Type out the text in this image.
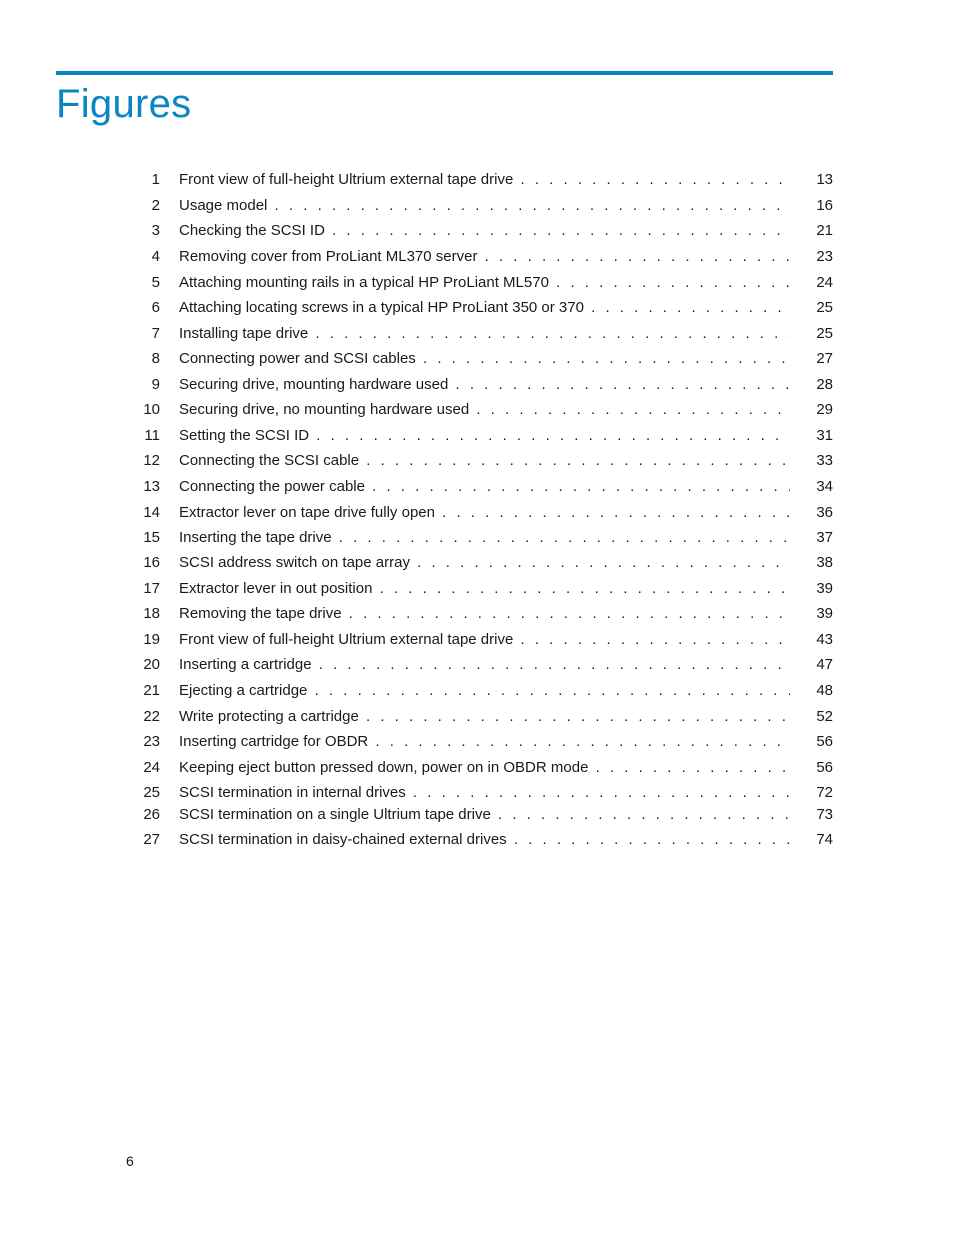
Figures
1 Front view of full-height Ultrium external tape drive . . .	13
2 Usage model . . .	16
3 Checking the SCSI ID . . .	21
4 Removing cover from ProLiant ML370 server . . .	23
5 Attaching mounting rails in a typical HP ProLiant ML570 . . .	24
6 Attaching locating screws in a typical HP ProLiant 350 or 370 . . .	25
7 Installing tape drive . . .	25
8 Connecting power and SCSI cables . . .	27
9 Securing drive, mounting hardware used . . .	28
10 Securing drive, no mounting hardware used . . .	29
11 Setting the SCSI ID . . .	31
12 Connecting the SCSI cable . . .	33
13 Connecting the power cable . . .	34
14 Extractor lever on tape drive fully open . . .	36
15 Inserting the tape drive . . .	37
16 SCSI address switch on tape array . . .	38
17 Extractor lever in out position . . .	39
18 Removing the tape drive . . .	39
19 Front view of full-height Ultrium external tape drive . . .	43
20 Inserting a cartridge . . .	47
21 Ejecting a cartridge . . .	48
22 Write protecting a cartridge . . .	52
23 Inserting cartridge for OBDR . . .	56
24 Keeping eject button pressed down, power on in OBDR mode . . .	56
25 SCSI termination in internal drives . . .	72
26 SCSI termination on a single Ultrium tape drive . . .	73
27 SCSI termination in daisy-chained external drives . . .	74
6
